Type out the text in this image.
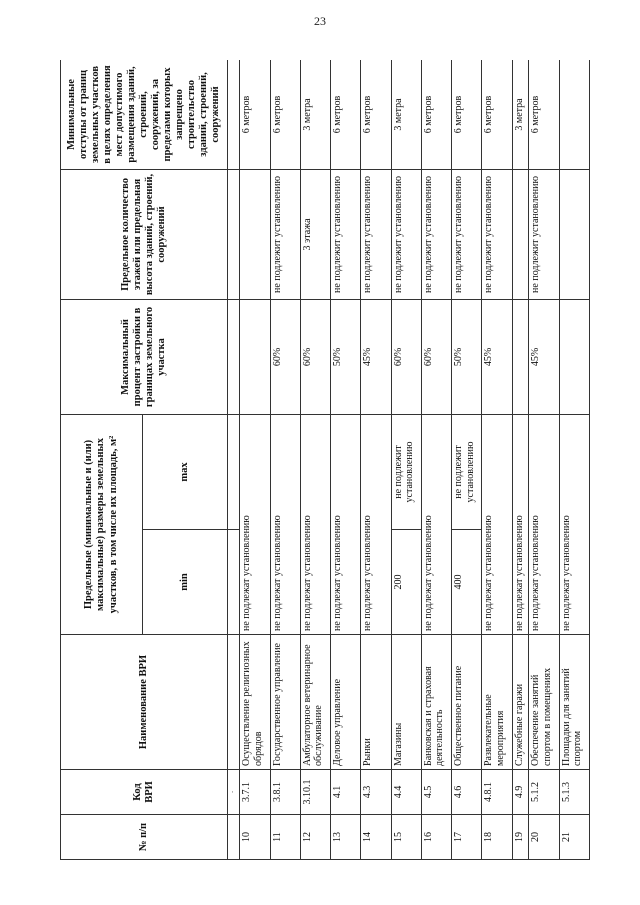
23
№ п/п	Код ВРИ	Наименование ВРИ	Предельные (минимальные и (или) максимальные) размеры земельных участков, в том числе их площадь, м²		Максимальный процент застройки в границах земельного участка	Предельное количество этажей или предельная высота зданий, строений, сооружений	Минимальные отступы от границ земельных участков в целях определения мест допустимого размещения зданий, строений, сооружений, за пределами которых запрещено строительство зданий, строений, сооружений
			min	max			
	·						
10	3.7.1	Осуществление религиозных обрядов	не подлежат установлению				6 метров
11	3.8.1	Государственное управление	не подлежат установлению		60%	не подлежит установлению	6 метров
12	3.10.1	Амбулаторное ветеринарное обслуживание	не подлежат установлению		60%	3 этажа	3 метра
13	4.1	Деловое управление	не подлежат установлению		50%	не подлежит установлению	6 метров
14	4.3	Рынки	не подлежат установлению		45%	не подлежит установлению	6 метров
15	4.4	Магазины	200	не подлежит установлению	60%	не подлежит установлению	3 метра
16	4.5	Банковская и страховая деятельность	не подлежат установлению		60%	не подлежит установлению	6 метров
17	4.6	Общественное питание	400	не подлежит установлению	50%	не подлежит установлению	6 метров
18	4.8.1	Развлекательные мероприятия	не подлежат установлению		45%	не подлежит установлению	6 метров
19	4.9	Служебные гаражи	не подлежат установлению				3 метра
20	5.1.2	Обеспечение занятий спортом в помещениях	не подлежат установлению		45%	не подлежит установлению	6 метров
21	5.1.3	Площадки для занятий спортом	не подлежат установлению				
